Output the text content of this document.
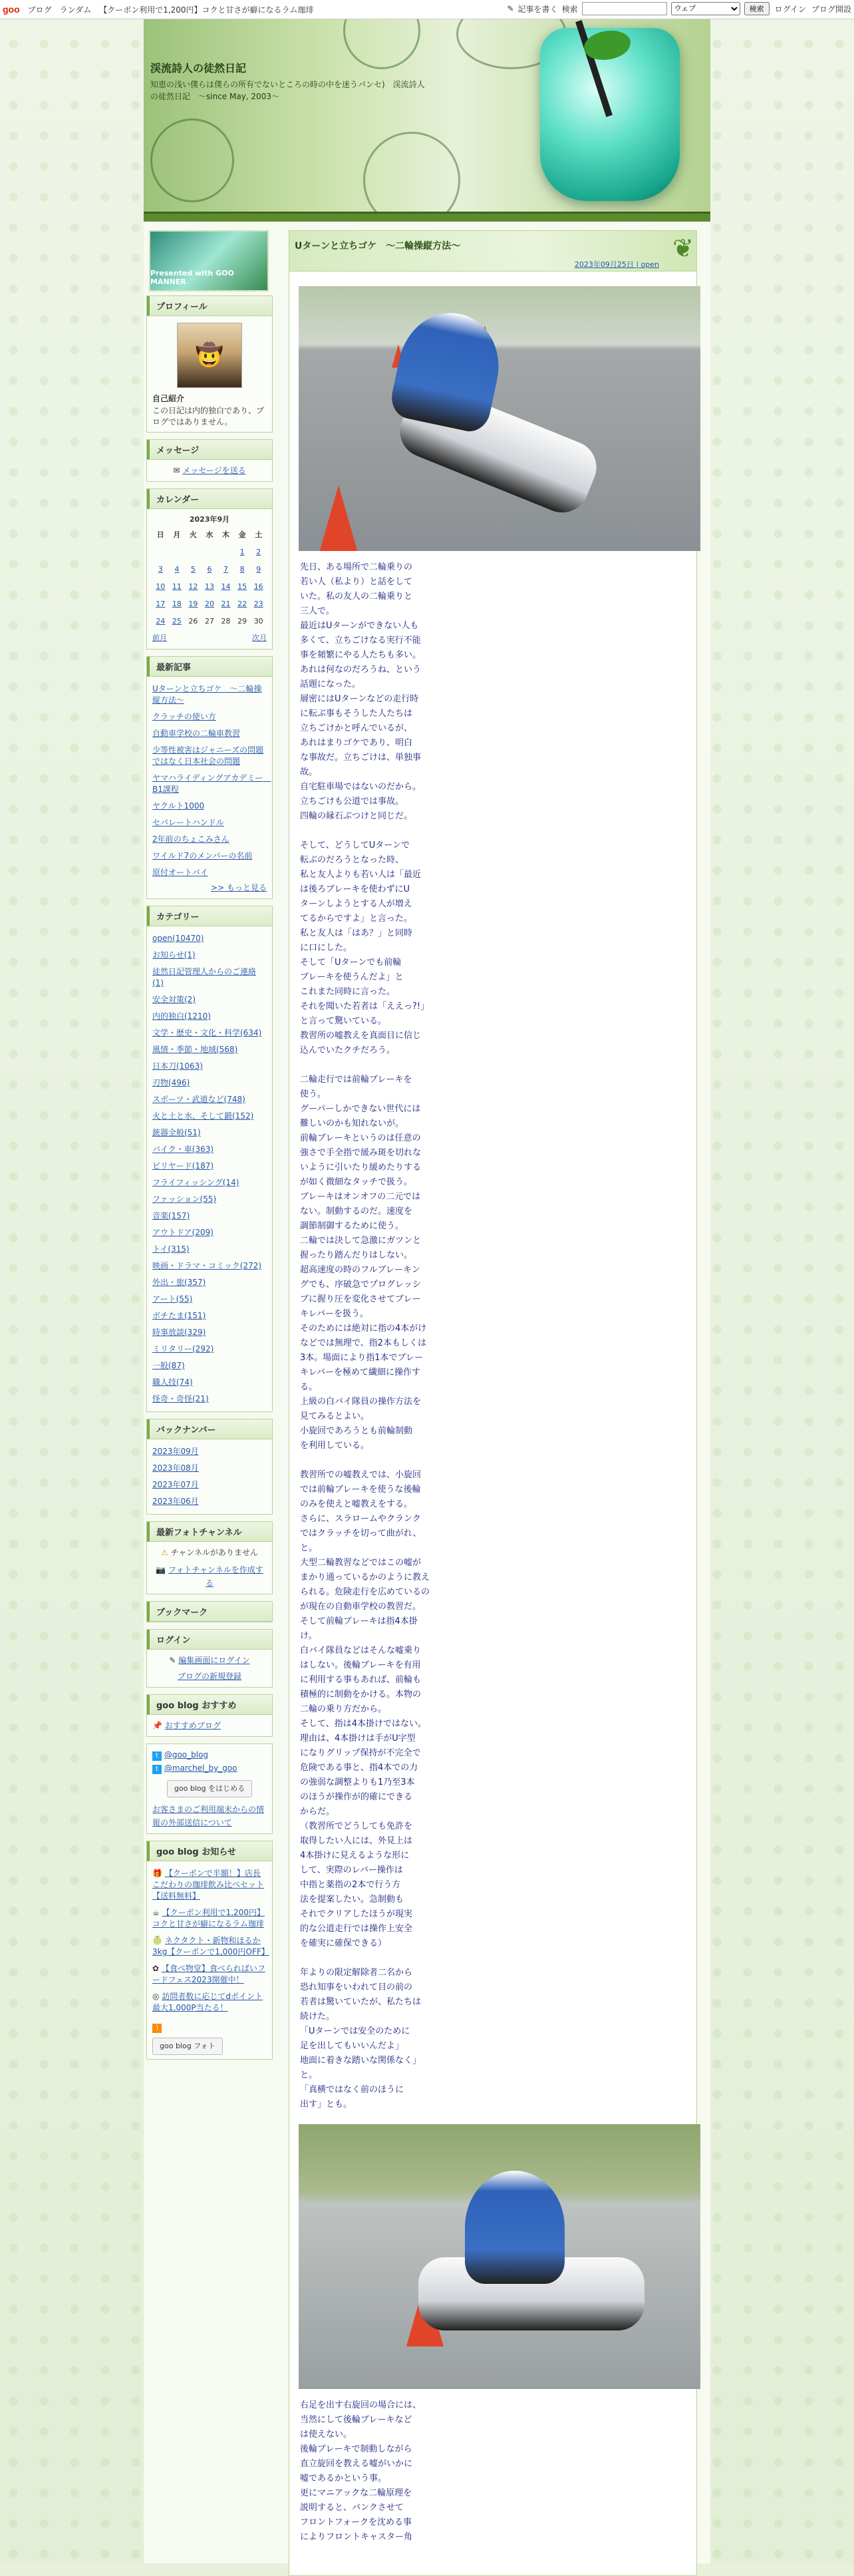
goo ブログ ランダム 【クーポン利用で1,200円】コクと甘さが癖になるラム珈琲	✎ 記事を書く 検索
ウェブ	検索	ログイン ブログ開設
渓流詩人の徒然日記
知恵の浅い僕らは僕らの所有でないところの時の中を迷うパンセ)　渓流詩人の徒然日記　～since May, 2003～
Presented with GOO MANNER
プロフィール
🤠
自己紹介
この日記は内的独白であり、ブログではありません。
メッセージ
✉ メッセージを送る
カレンダー
2023年9月
日	月	火	水	木	金	土
					1	2
3	4	5	6	7	8	9
10	11	12	13	14	15	16
17	18	19	20	21	22	23
24	25	26	27	28	29	30
前月	次月
最新記事
Uターンと立ちゴケ　～二輪操縦方法～
クラッチの使い方
自動車学校の二輪車教習
少等性被害はジャニーズの問題ではなく日本社会の問題
ヤマハライディングアカデミー　B1課程
ヤクルト1000
セパレートハンドル
2年前のちょこみさん
ワイルド7のメンバーの名前
原付オートバイ
>> もっと見る
カテゴリー
open(10470)
お知らせ(1)
徒然日記管理人からのご連絡(1)
安全対策(2)
内的独白(1210)
文学・歴史・文化・科学(634)
風情・季節・地域(568)
日本刀(1063)
刃物(496)
スポーツ・武道など(748)
火と土と水、そして鍛(152)
銃器全般(51)
バイク・車(363)
ビリヤード(187)
フライフィッシング(14)
ファッション(55)
音楽(157)
アウトドア(209)
トイ(315)
映画・ドラマ・コミック(272)
外出・旅(357)
アート(55)
ボチたま(151)
時事放談(329)
ミリタリー(292)
一般(87)
職人技(74)
怪奇・奇怪(21)
バックナンバー
2023年09月
2023年08月
2023年07月
2023年06月
最新フォトチャンネル
⚠ チャンネルがありません
📷 フォトチャンネルを作成する
ブックマーク
ログイン
✎ 編集画面にログイン
ブログの新規登録
goo blog おすすめ
📌 おすすめブログ
t @goo_blog
t @marchel_by_goo
goo blog をはじめる
お客さまのご利用端末からの情報の外部送信について
goo blog お知らせ
🎁 【クーポンで半額！】店長こだわりの珈琲飲み比べセット【送料無料】
☕ 【クーポン利用で1,200円】コクと甘さが癖になるラム珈琲
🍈 ネクタクト・新物和ほるか3kg【クーポンで1,000円OFF】
✿ 【食べ物堂】食べらればいフードフェス2023開催中！
◎ 訪問者数に応じてdポイント最大1,000P当たる！
)
goo blog フォト
Uターンと立ちゴケ　～二輪操縦方法～
2023年09月25日 | open
❦

先日、ある場所で二輪乗りの
若い人（私より）と話をして
いた。私の友人の二輪乗りと
三人で。
最近はUターンができない人も
多くて、立ちごけなる実行不能
事を頻繁にやる人たちも多い。
あれは何なのだろうね、という
話題になった。
層密にはUターンなどの走行時
に転ぶ事もそうした人たちは
立ちごけかと呼んでいるが、
あれはまりゴケであり、明白
な事故だ。立ちごけは、単独事故。
自宅駐車場ではないのだから。
立ちごけも公道では事故。
四輪の縁石ぶつけと同じだ。

そして、どうしてUターンで
転ぶのだろうとなった時、
私と友人よりも若い人は「最近
は後ろブレーキを使わずにU
ターンしようとする人が増え
てるからですよ」と言った。
私と友人は「はあ？」と同時
に口にした。
そして「Uターンでも前輪
ブレーキを使うんだよ」と
これまた同時に言った。
それを聞いた若者は「ええっ?!」
と言って驚いている。
教習所の嘘教えを真面目に信じ
込んでいたクチだろう。

二輪走行では前輪ブレーキを
使う。
グーパーしかできない世代には
難しいのかも知れないが。
前輪ブレーキというのは任意の
強さで手全指で緩み斑を切れな
いように引いたり緩めたりする
が如く微細なタッチで扱う。
ブレーキはオンオフの二元では
ない。制動するのだ。速度を
調節制御するために使う。
二輪では決して急激にガツンと
握ったり踏んだりはしない。
超高速度の時のフルブレーキン
グでも、序破急でプログレッシ
ブに握り圧を変化させてブレー
キレバーを扱う。
そのためには絶対に指の4本がけ
などでは無理で、指2本もしくは
3本。場面により指1本でブレー
キレバーを極めて繊細に操作する。
上級の白バイ隊員の操作方法を
見てみるとよい。
小旋回であろうとも前輪制動
を利用している。

教習所での嘘教えでは、小旋回
では前輪ブレーキを使うな後輪
のみを使えと嘘教えをする。
さらに、スラロームやクランク
ではクラッチを切って曲がれ、と。
大型二輪教習などではこの嘘が
まかり通っているかのように教え
られる。危険走行を広めているの
が現在の自動車学校の教習だ。
そして前輪ブレーキは指4本掛け。
白バイ隊員などはそんな嘘乗り
はしない。後輪ブレーキを有用
に利用する事もあれば、前輪も
積極的に制動をかける。本物の
二輪の乗り方だから。
そして、指は4本掛けではない。
理由は、4本掛けは手がU字型
になりグリップ保持が不完全で
危険である事と、指4本での力
の強弱な調整よりも1乃至3本
のほうが操作が的確にできる
からだ。
（教習所でどうしても免許を
取得したい人には、外見上は
4本掛けに見えるような形に
して、実際のレバー操作は
中指と薬指の2本で行う方
法を提案したい。急制動も
それでクリアしたほうが現実
的な公道走行では操作上安全
を確実に確保できる）

年よりの限定解除者二名から
恐れ知事をいわれて目の前の
若者は驚いていたが、私たちは
続けた。
「Uターンでは安全のために
足を出してもいいんだよ」
地面に着きな踏いな関係なく」
と。
「真横ではなく前のほうに
出す」とも。

右足を出す右旋回の場合には、
当然にして後輪ブレーキなど
は使えない。
後輪ブレーキで制動しながら
直立旋回を教える嘘がいかに
嘘であるかという事。
更にマニアックな二輪原理を
説明すると、バンクさせて
フロントフォークを沈める事
によりフロントキャスター角
